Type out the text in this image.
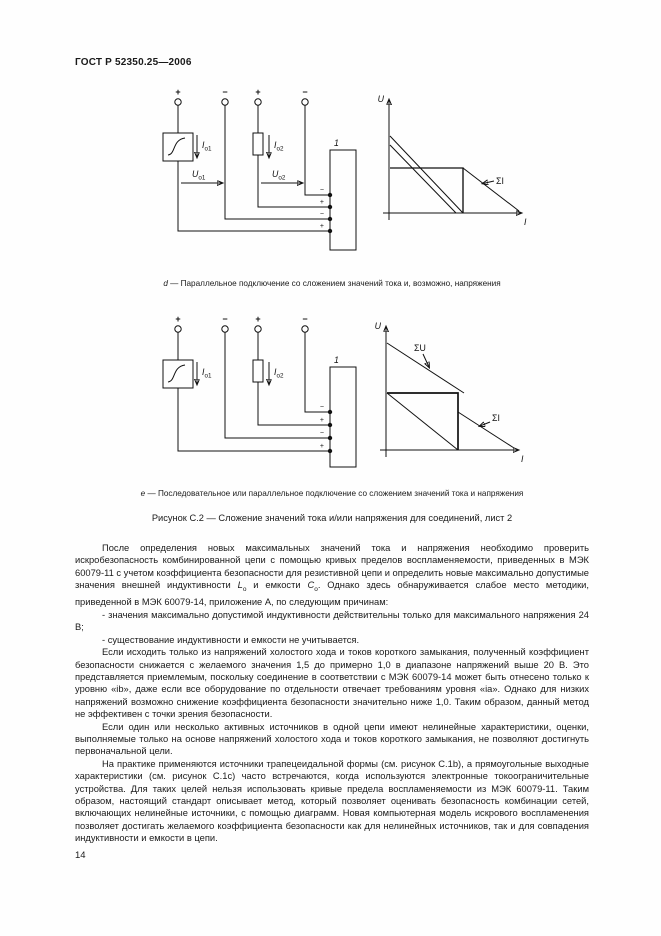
ГОСТ Р 52350.25—2006
+	−	+	−
$I_{o1}$	$I_{o2}$
$U_{o1}$	$U_{o2}$
1
−
+
−
+
U
I
ΣI
d — Параллельное подключение со сложением значений тока и, возможно, напряжения
+	−	+	−
$I_{o1}$	$I_{o2}$
1
−
+
−
+
U
I
ΣU
ΣI
е — Последовательное или параллельное подключение со сложением значений тока и напряжения
Рисунок С.2 — Сложение значений тока и/или напряжения для соединений, лист 2

После определения новых максимальных значений тока и напряжения необходимо проверить искробезопасность комбинированной цепи с помощью кривых пределов воспламеняемости, приведенных в МЭК 60079-11 с учетом коэффициента безопасности для резистивной цепи и определить новые максимально допустимые значения внешней индуктивности $L_o$ и емкости $C_o$. Однако здесь обнаруживается слабое место методики, приведенной в МЭК 60079-14, приложение А, по следующим причинам:

- значения максимально допустимой индуктивности действительны только для максимального напряжения 24 В;

- существование индуктивности и емкости не учитывается.

Если исходить только из напряжений холостого хода и токов короткого замыкания, полученный коэффициент безопасности снижается с желаемого значения 1,5 до примерно 1,0 в диапазоне напряжений выше 20 В. Это представляется приемлемым, поскольку соединение в соответствии с МЭК 60079-14 может быть отнесено только к уровню «ib», даже если все оборудование по отдельности отвечает требованиям уровня «ia». Однако для низких напряжений возможно снижение коэффициента безопасности значительно ниже 1,0. Таким образом, данный метод не эффективен с точки зрения безопасности.

Если один или несколько активных источников в одной цепи имеют нелинейные характеристики, оценки, выполняемые только на основе напряжений холостого хода и токов короткого замыкания, не позволяют достигнуть первоначальной цели.

На практике применяются источники трапецеидальной формы (см. рисунок С.1b), а прямоугольные выходные характеристики (см. рисунок С.1с) часто встречаются, когда используются электронные токоограничительные устройства. Для таких целей нельзя использовать кривые предела воспламеняемости из МЭК 60079-11. Таким образом, настоящий стандарт описывает метод, который позволяет оценивать безопасность комбинации сетей, включающих нелинейные источники, с помощью диаграмм. Новая компьютерная модель искрового воспламенения позволяет достигать желаемого коэффициента безопасности как для нелинейных источников, так и для совпадения индуктивности и емкости в цепи.

14
